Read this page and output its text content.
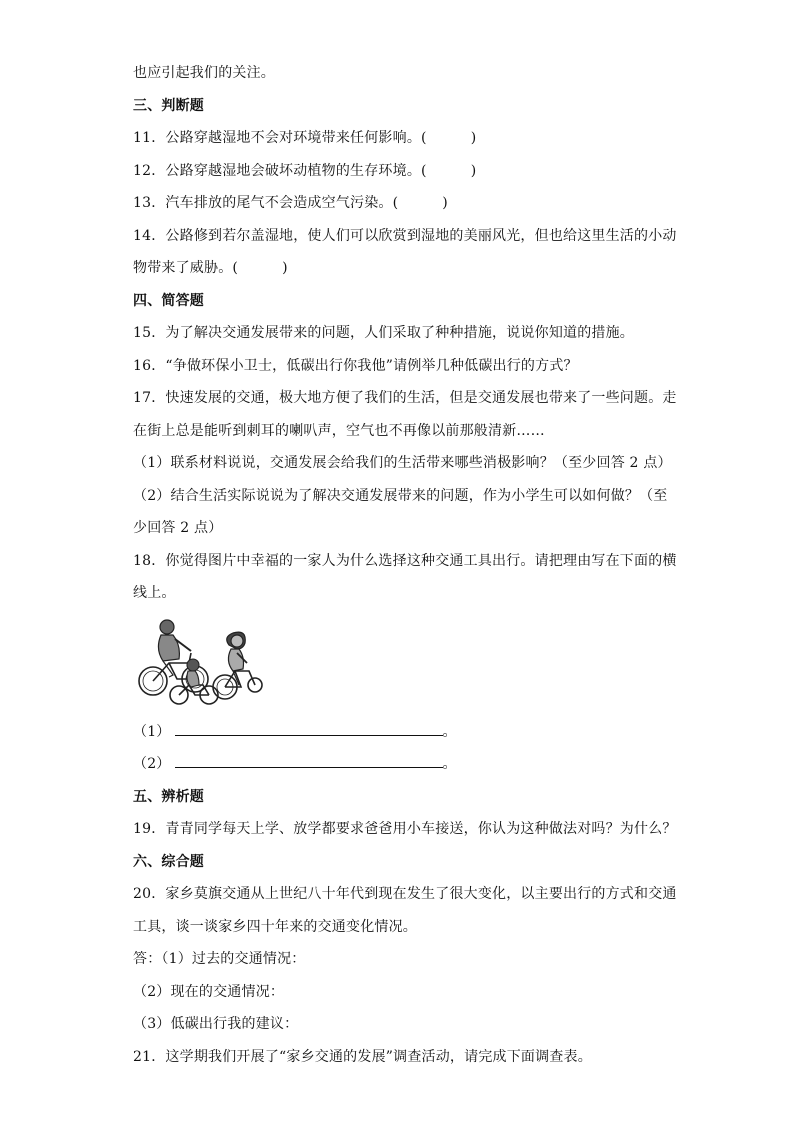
也应引起我们的关注。
三、判断题
11．公路穿越湿地不会对环境带来任何影响。(	)
12．公路穿越湿地会破坏动植物的生存环境。(	)
13．汽车排放的尾气不会造成空气污染。(	)
14．公路修到若尔盖湿地，使人们可以欣赏到湿地的美丽风光，但也给这里生活的小动
物带来了威胁。(	)
四、简答题
15．为了解决交通发展带来的问题，人们采取了种种措施，说说你知道的措施。
16．“争做环保小卫士，低碳出行你我他”请例举几种低碳出行的方式？
17．快速发展的交通，极大地方便了我们的生活，但是交通发展也带来了一些问题。走
在街上总是能听到刺耳的喇叭声，空气也不再像以前那般清新……
（1）联系材料说说，交通发展会给我们的生活带来哪些消极影响？（至少回答 2 点）
（2）结合生活实际说说为了解决交通发展带来的问题，作为小学生可以如何做？（至
少回答 2 点）
18．你觉得图片中幸福的一家人为什么选择这种交通工具出行。请把理由写在下面的横
线上。
（1）	。
（2）	。
五、辨析题
19．青青同学每天上学、放学都要求爸爸用小车接送，你认为这种做法对吗？为什么？
六、综合题
20．家乡莫旗交通从上世纪八十年代到现在发生了很大变化，以主要出行的方式和交通
工具，谈一谈家乡四十年来的交通变化情况。
答：（1）过去的交通情况：
（2）现在的交通情况：
（3）低碳出行我的建议：
21．这学期我们开展了“家乡交通的发展”调查活动，请完成下面调查表。
